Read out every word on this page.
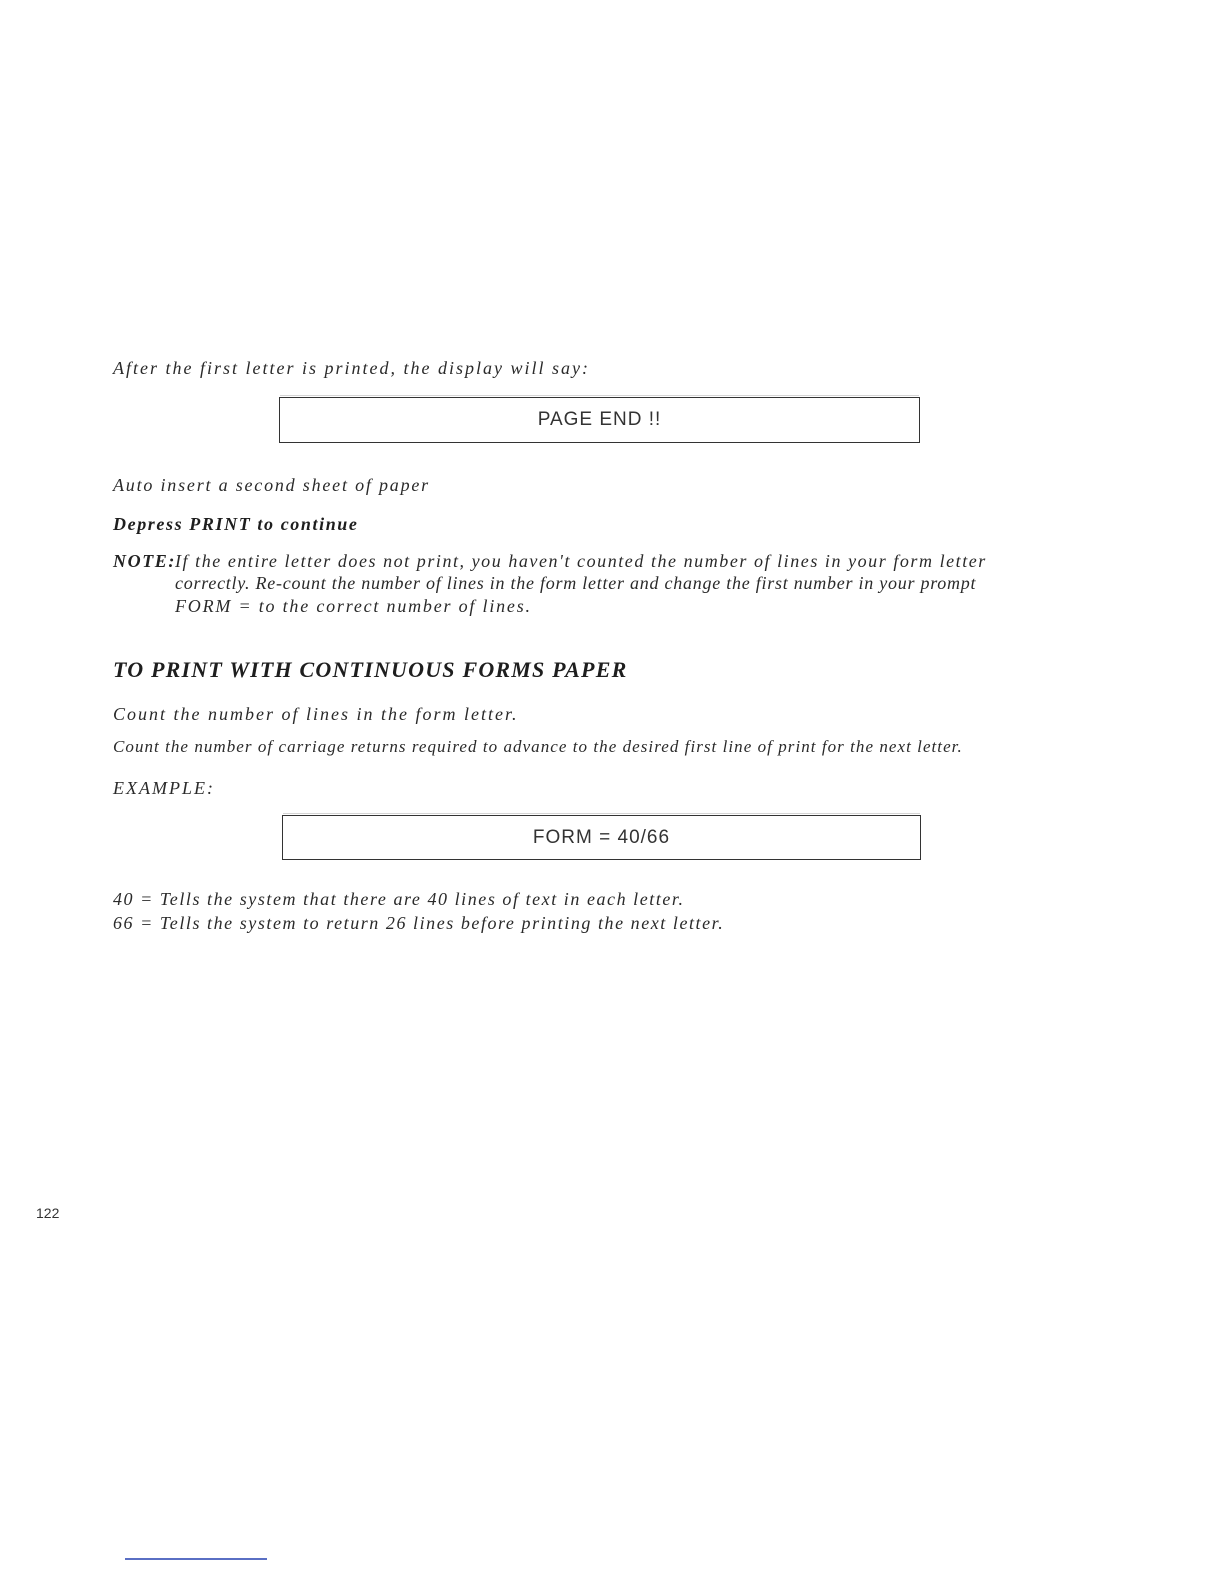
After the first letter is printed, the display will say:
PAGE END !!
Auto insert a second sheet of paper
Depress PRINT to continue
NOTE: If the entire letter does not print, you haven't counted the number of lines in your form letter
correctly. Re-count the number of lines in the form letter and change the first number in your prompt
FORM = to the correct number of lines.
TO PRINT WITH CONTINUOUS FORMS PAPER
Count the number of lines in the form letter.
Count the number of carriage returns required to advance to the desired first line of print for the next letter.
EXAMPLE:
FORM = 40/66
40 = Tells the system that there are 40 lines of text in each letter.
66 = Tells the system to return 26 lines before printing the next letter.
122
